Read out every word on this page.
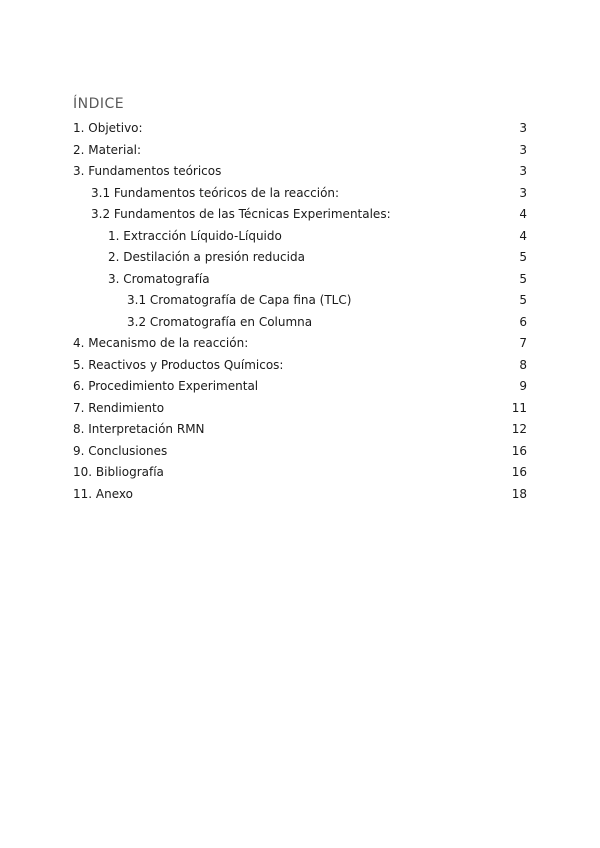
ÍNDICE
1. Objetivo:	3
2. Material:	3
3. Fundamentos teóricos	3
3.1 Fundamentos teóricos de la reacción:	3
3.2 Fundamentos de las Técnicas Experimentales:	4
1. Extracción Líquido-Líquido	4
2. Destilación a presión reducida	5
3. Cromatografía	5
3.1 Cromatografía de Capa fina (TLC)	5
3.2 Cromatografía en Columna	6
4. Mecanismo de la reacción:	7
5. Reactivos y Productos Químicos:	8
6. Procedimiento Experimental	9
7. Rendimiento	11
8. Interpretación RMN	12
9. Conclusiones	16
10. Bibliografía	16
11. Anexo	18
